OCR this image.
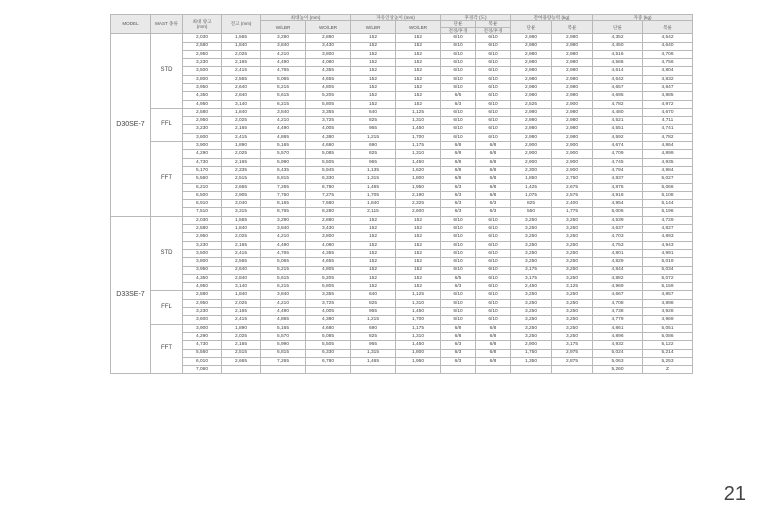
MODEL	MAST 종류	최대 양고
(mm)	전고 (mm)	최대높이 (mm)		자유인상높이 (mm)		후경각 (도)		잔여용량능력 (kg)		자중 (kg)	
				W/LBR	WO/LBR	W/LBR	WO/LBR	단륜	복륜	단륜	복륜	단륜	복륜
								전경/후경	전경/후경				
D30SE-7	STD	2,030	1,565	3,290	2,880	152	152	6/10	6/10	2,980	2,980	4,352	4,542
		2,580	1,840	3,840	3,430	152	152	6/10	6/10	2,980	2,980	4,450	4,640
		2,950	2,025	4,210	3,800	152	152	6/10	6/10	2,980	2,980	4,516	4,706
		3,230	2,165	4,490	4,080	152	152	6/10	6/10	2,980	2,980	4,566	4,756
		3,500	2,415	4,765	4,355	152	152	6/10	6/10	2,980	2,980	4,614	4,804
		3,800	2,565	5,065	4,655	152	152	6/10	6/10	2,980	2,980	4,642	4,832
		3,950	2,640	5,215	4,805	152	152	6/10	6/10	2,980	2,980	4,657	4,847
		4,350	2,840	5,615	5,205	152	152	6/5	6/10	2,980	2,980	4,695	4,885
		4,950	3,140	6,215	5,805	152	152	6/3	6/10	2,525	2,900	4,782	4,972
	FFL	2,580	1,840	3,840	3,355	640	1,125	6/10	6/10	2,980	2,980	4,480	4,670
		2,950	2,025	4,210	3,725	825	1,310	6/10	6/10	2,980	2,980	4,521	4,711
		3,230	2,165	4,490	4,005	965	1,450	6/10	6/10	2,980	2,980	4,551	4,741
		3,600	2,415	4,865	4,380	1,215	1,700	6/10	6/10	2,980	2,980	4,592	4,782
	FFT	3,900	1,890	5,165	4,680	690	1,175	6/8	6/8	2,900	2,900	4,674	4,864
		4,290	2,025	5,570	5,085	825	1,310	6/8	6/8	2,900	2,900	4,709	4,899
		4,730	2,165	5,990	5,505	965	1,450	6/8	6/8	2,900	2,900	4,745	4,935
		5,170	2,335	6,435	5,945	1,135	1,620	6/8	6/8	2,300	2,900	4,794	4,984
		5,560	2,515	6,815	6,330	1,315	1,800	6/8	6/8	1,850	2,750	4,837	5,027
		6,210	2,665	7,265	6,780	1,465	1,950	6/3	6/8	1,425	2,675	4,876	5,066
		6,500	2,905	7,760	7,275	1,705	2,190	6/3	6/8	1,075	2,575	4,918	5,108
		6,910	3,040	8,165	7,680	1,840	2,325	6/3	6/3	825	2,400	4,954	5,144
		7,510	3,315	8,765	8,280	2,115	2,600	6/3	6/3	550	1,775	5,006	5,196
D33SE-7	STD	2,030	1,565	3,290	2,880	152	152	6/10	6/10	3,250	3,250	4,539	4,729
		2,580	1,840	3,840	3,430	152	152	6/10	6/10	3,250	3,250	4,637	4,827
		2,950	2,025	4,210	3,800	152	152	6/10	6/10	3,250	3,250	4,703	4,893
		3,230	2,165	4,490	4,080	152	152	6/10	6/10	3,250	3,250	4,753	4,943
		3,500	2,415	4,765	4,355	152	152	6/10	6/10	3,250	3,250	4,801	4,991
		3,800	2,565	5,065	4,655	152	152	6/10	6/10	3,250	3,250	4,829	5,019
		3,950	2,640	5,215	4,805	152	152	6/10	6/10	3,175	3,250	4,844	5,034
		4,350	2,840	5,615	5,205	152	152	6/5	6/10	3,175	3,250	4,882	5,072
		4,950	3,140	6,215	5,805	152	152	6/3	6/10	2,450	3,125	4,969	5,159
	FFL	2,580	1,840	3,840	3,355	640	1,125	6/10	6/10	3,250	3,250	4,667	4,857
		2,950	2,025	4,210	3,725	825	1,310	6/10	6/10	3,250	3,250	4,708	4,898
		3,230	2,165	4,490	4,005	965	1,450	6/10	6/10	3,250	3,250	4,738	4,928
		3,600	2,415	4,865	4,380	1,215	1,700	6/10	6/10	3,250	3,250	4,779	4,969
	FFT	3,900	1,890	5,165	4,680	690	1,175	6/8	6/8	3,250	3,250	4,861	5,051
		4,290	2,025	5,570	5,085	825	1,310	6/8	6/8	3,250	3,250	4,896	5,086
		4,730	2,165	5,990	5,505	965	1,450	6/3	6/8	2,900	3,175	4,932	5,122
		5,560	2,515	6,815	6,330	1,315	1,800	6/3	6/8	1,750	2,975	5,024	5,214
		6,010	2,665	7,265	6,780	1,465	1,950	6/3	6/8	1,350	2,875	5,063	5,253
		7,060										5,260	Z
21
